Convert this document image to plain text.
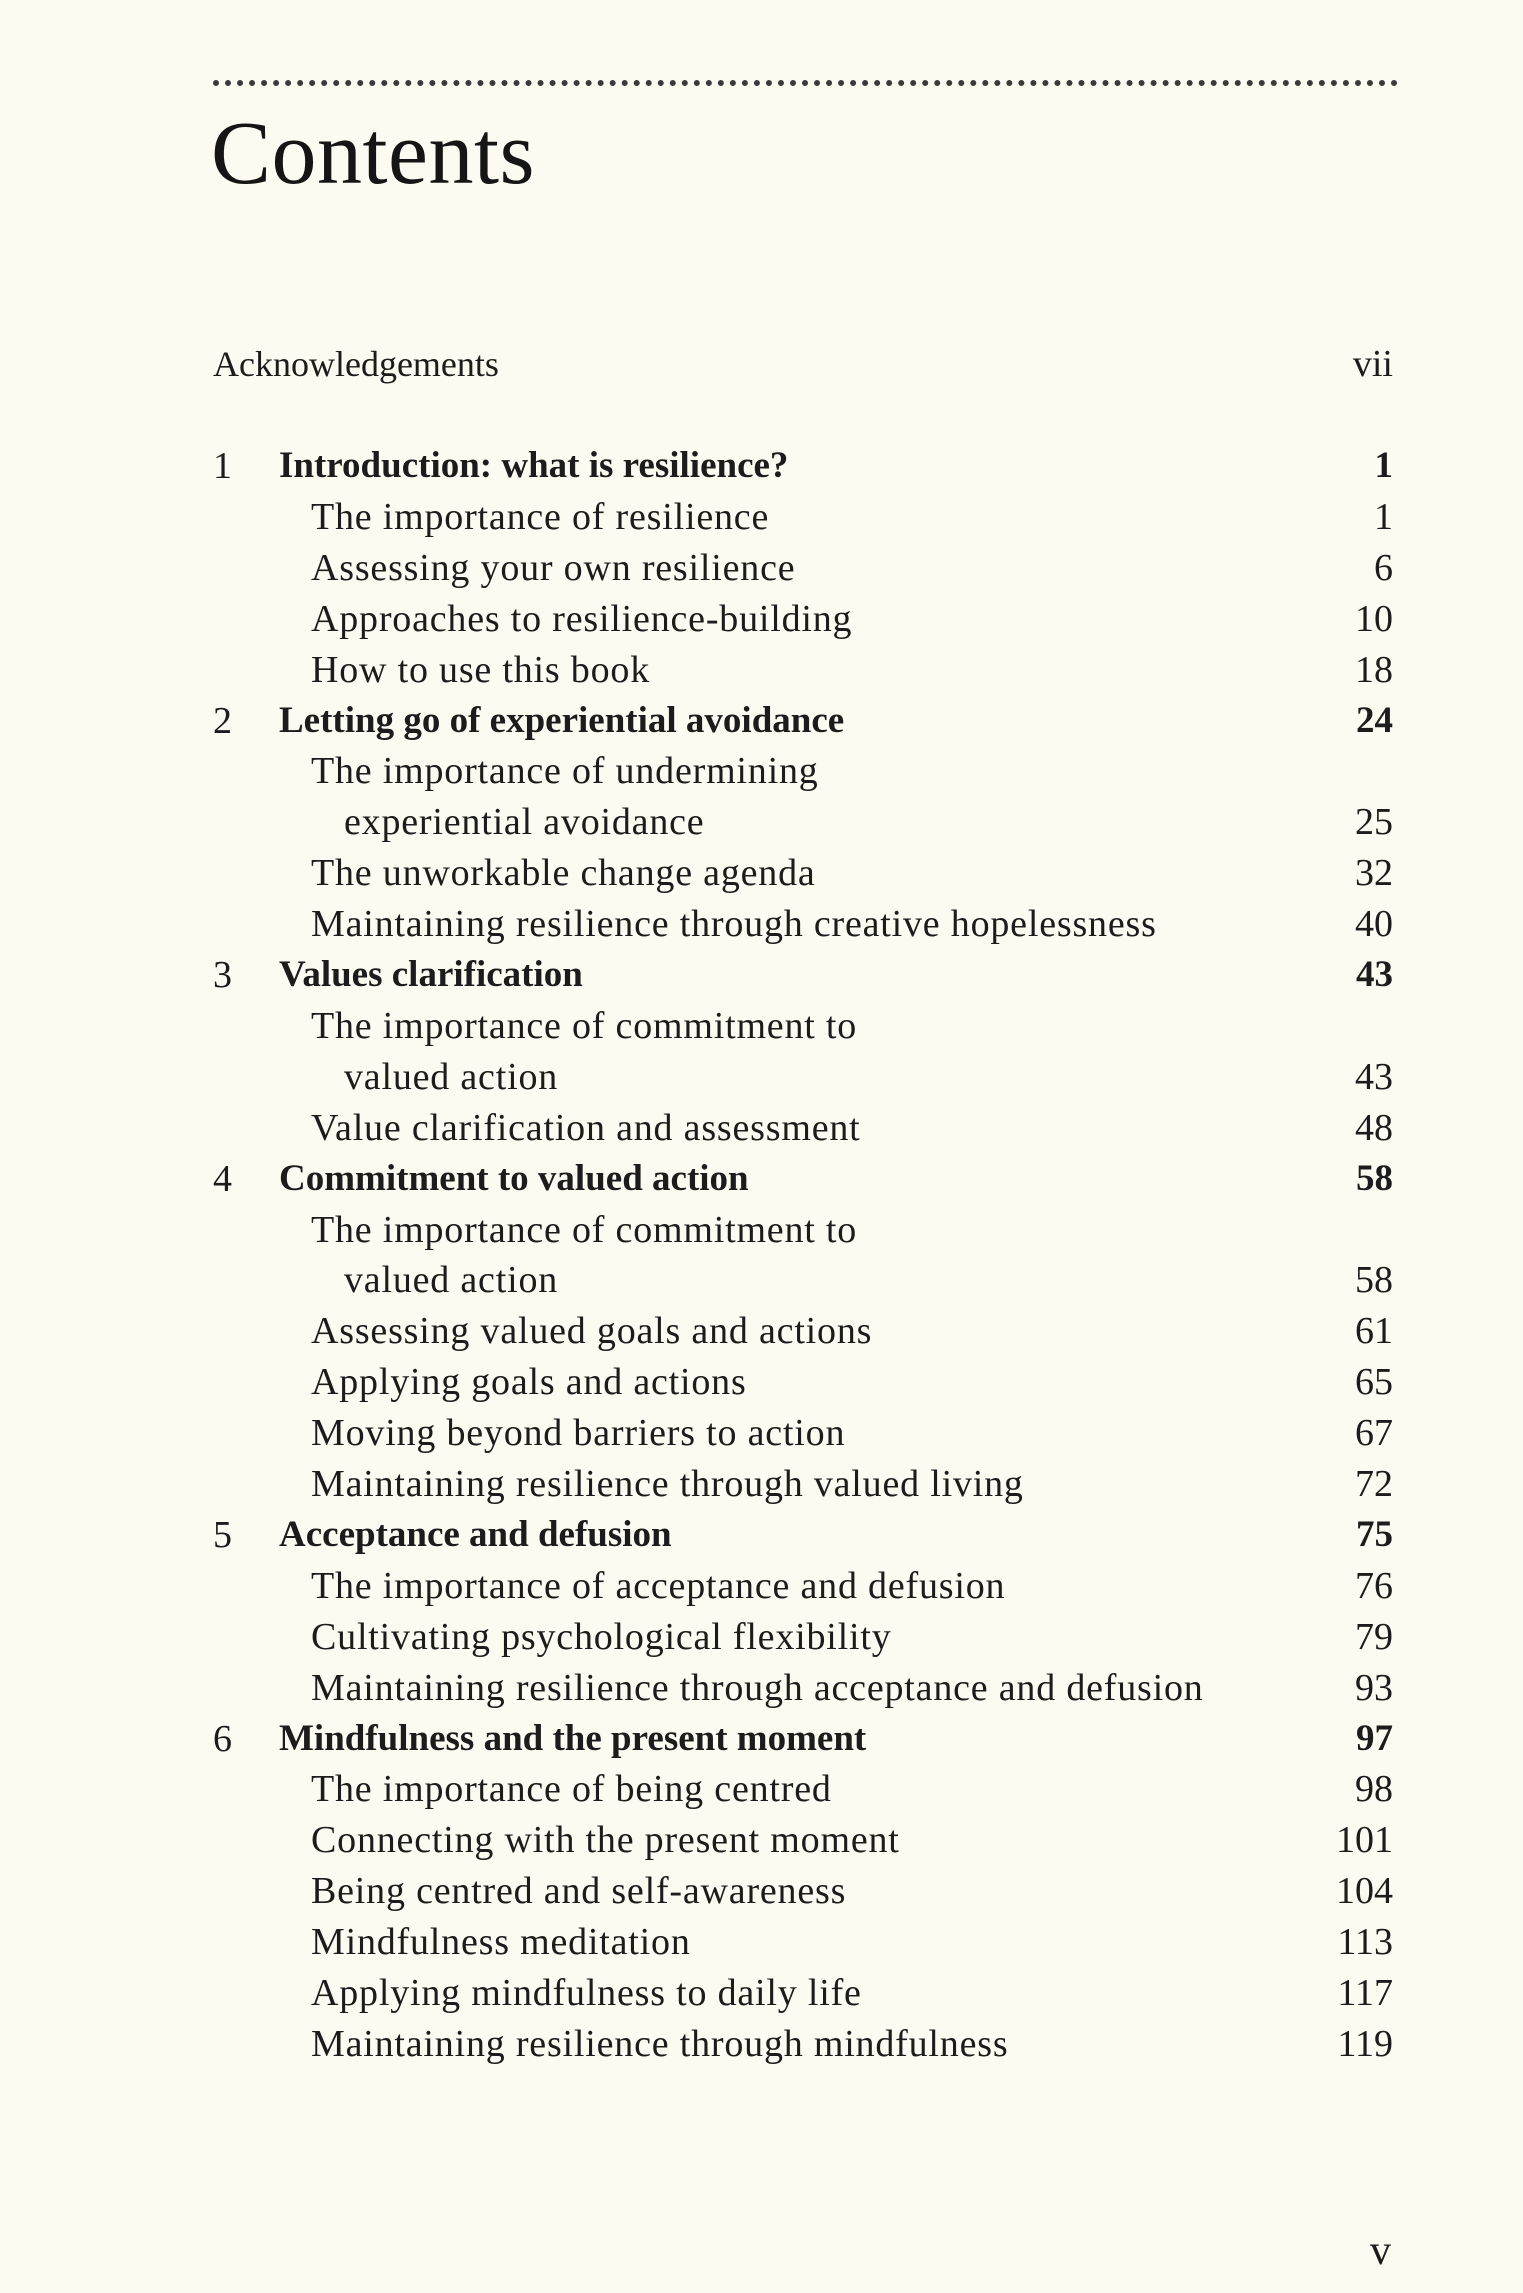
Contents
Acknowledgements	vii
1 Introduction: what is resilience?	1
The importance of resilience	1
Assessing your own resilience	6
Approaches to resilience-building	10
How to use this book	18
2 Letting go of experiential avoidance	24
The importance of undermining
experiential avoidance	25
The unworkable change agenda	32
Maintaining resilience through creative hopelessness	40
3 Values clarification	43
The importance of commitment to
valued action	43
Value clarification and assessment	48
4 Commitment to valued action	58
The importance of commitment to
valued action	58
Assessing valued goals and actions	61
Applying goals and actions	65
Moving beyond barriers to action	67
Maintaining resilience through valued living	72
5 Acceptance and defusion	75
The importance of acceptance and defusion	76
Cultivating psychological flexibility	79
Maintaining resilience through acceptance and defusion	93
6 Mindfulness and the present moment	97
The importance of being centred	98
Connecting with the present moment	101
Being centred and self-awareness	104
Mindfulness meditation	113
Applying mindfulness to daily life	117
Maintaining resilience through mindfulness	119
v
